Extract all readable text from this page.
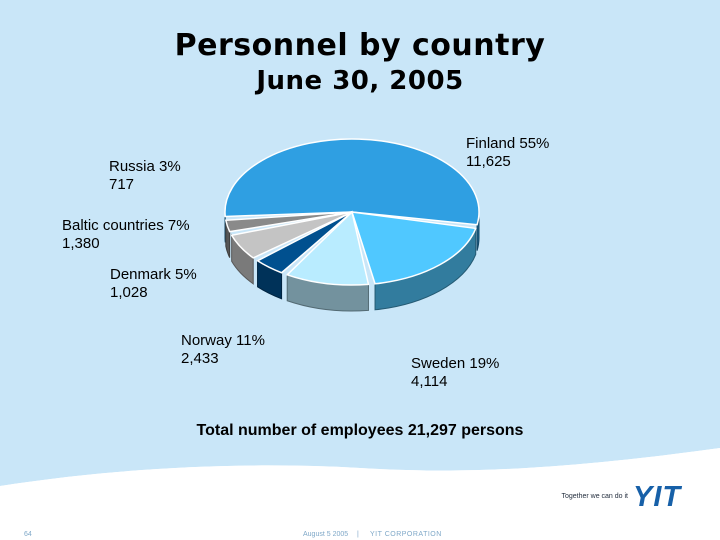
Personnel by country
June 30, 2005
Finland 55%
11,625
Sweden 19%
4,114
Norway 11%
2,433
Denmark 5%
1,028
Baltic countries 7%
1,380
Russia 3%
717
Total number of employees 21,297 persons
Together we can do it YIT
64	August 5 2005 | YIT CORPORATION
